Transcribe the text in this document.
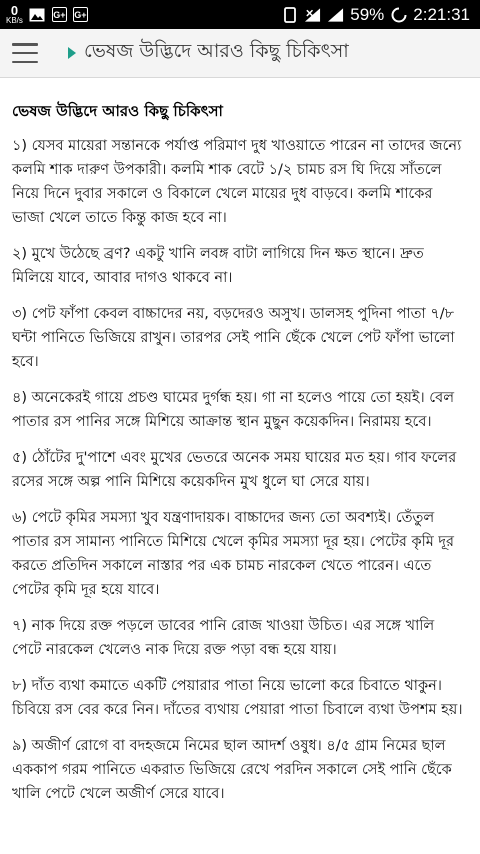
0
KB/s
G+ G+	59% 2:21:31
ভেষজ উদ্ভিদে আরও কিছু চিকিৎসা
ভেষজ উদ্ভিদে আরও কিছু চিকিৎসা

১) যেসব মায়েরা সন্তানকে পর্যাপ্ত পরিমাণ দুধ খাওয়াতে পারেন না তাদের জন্যে কলমি শাক দারুণ উপকারী। কলমি শাক বেটে ১/২ চামচ রস ঘি দিয়ে সাঁতলে নিয়ে দিনে দুবার সকালে ও বিকালে খেলে মায়ের দুধ বাড়বে। কলমি শাকের ভাজা খেলে তাতে কিন্তু কাজ হবে না।

২) মুখে উঠেছে ব্রণ? একটু খানি লবঙ্গ বাটা লাগিয়ে দিন ক্ষত স্থানে। দ্রুত মিলিয়ে যাবে, আবার দাগও থাকবে না।

৩) পেট ফাঁপা কেবল বাচ্চাদের নয়, বড়দেরও অসুখ। ডালসহ পুদিনা পাতা ৭/৮ ঘন্টা পানিতে ভিজিয়ে রাখুন। তারপর সেই পানি ছেঁকে খেলে পেট ফাঁপা ভালো হবে।

৪) অনেকেরই গায়ে প্রচণ্ড ঘামের দুর্গন্ধ হয়। গা না হলেও পায়ে তো হয়ই। বেল পাতার রস পানির সঙ্গে মিশিয়ে আক্রান্ত স্থান মুছুন কয়েকদিন। নিরাময় হবে।

৫) ঠোঁটের দু'পাশে এবং মুখের ভেতরে অনেক সময় ঘায়ের মত হয়। গাব ফলের রসের সঙ্গে অল্প পানি মিশিয়ে কয়েকদিন মুখ ধুলে ঘা সেরে যায়।

৬) পেটে কৃমির সমস্যা খুব যন্ত্রণাদায়ক। বাচ্চাদের জন্য তো অবশ্যই। তেঁতুল পাতার রস সামান্য পানিতে মিশিয়ে খেলে কৃমির সমস্যা দূর হয়। পেটের কৃমি দূর করতে প্রতিদিন সকালে নাস্তার পর এক চামচ নারকেল খেতে পারেন। এতে পেটের কৃমি দূর হয়ে যাবে।

৭) নাক দিয়ে রক্ত পড়লে ডাবের পানি রোজ খাওয়া উচিত। এর সঙ্গে খালি পেটে নারকেল খেলেও নাক দিয়ে রক্ত পড়া বন্ধ হয়ে যায়।

৮) দাঁত ব্যথা কমাতে একটি পেয়ারার পাতা নিয়ে ভালো করে চিবাতে থাকুন। চিবিয়ে রস বের করে নিন। দাঁতের ব্যথায় পেয়ারা পাতা চিবালে ব্যথা উপশম হয়।

৯) অজীর্ণ রোগে বা বদহজমে নিমের ছাল আদর্শ ওষুধ। ৪/৫ গ্রাম নিমের ছাল এককাপ গরম পানিতে একরাত ভিজিয়ে রেখে পরদিন সকালে সেই পানি ছেঁকে খালি পেটে খেলে অজীর্ণ সেরে যাবে।
